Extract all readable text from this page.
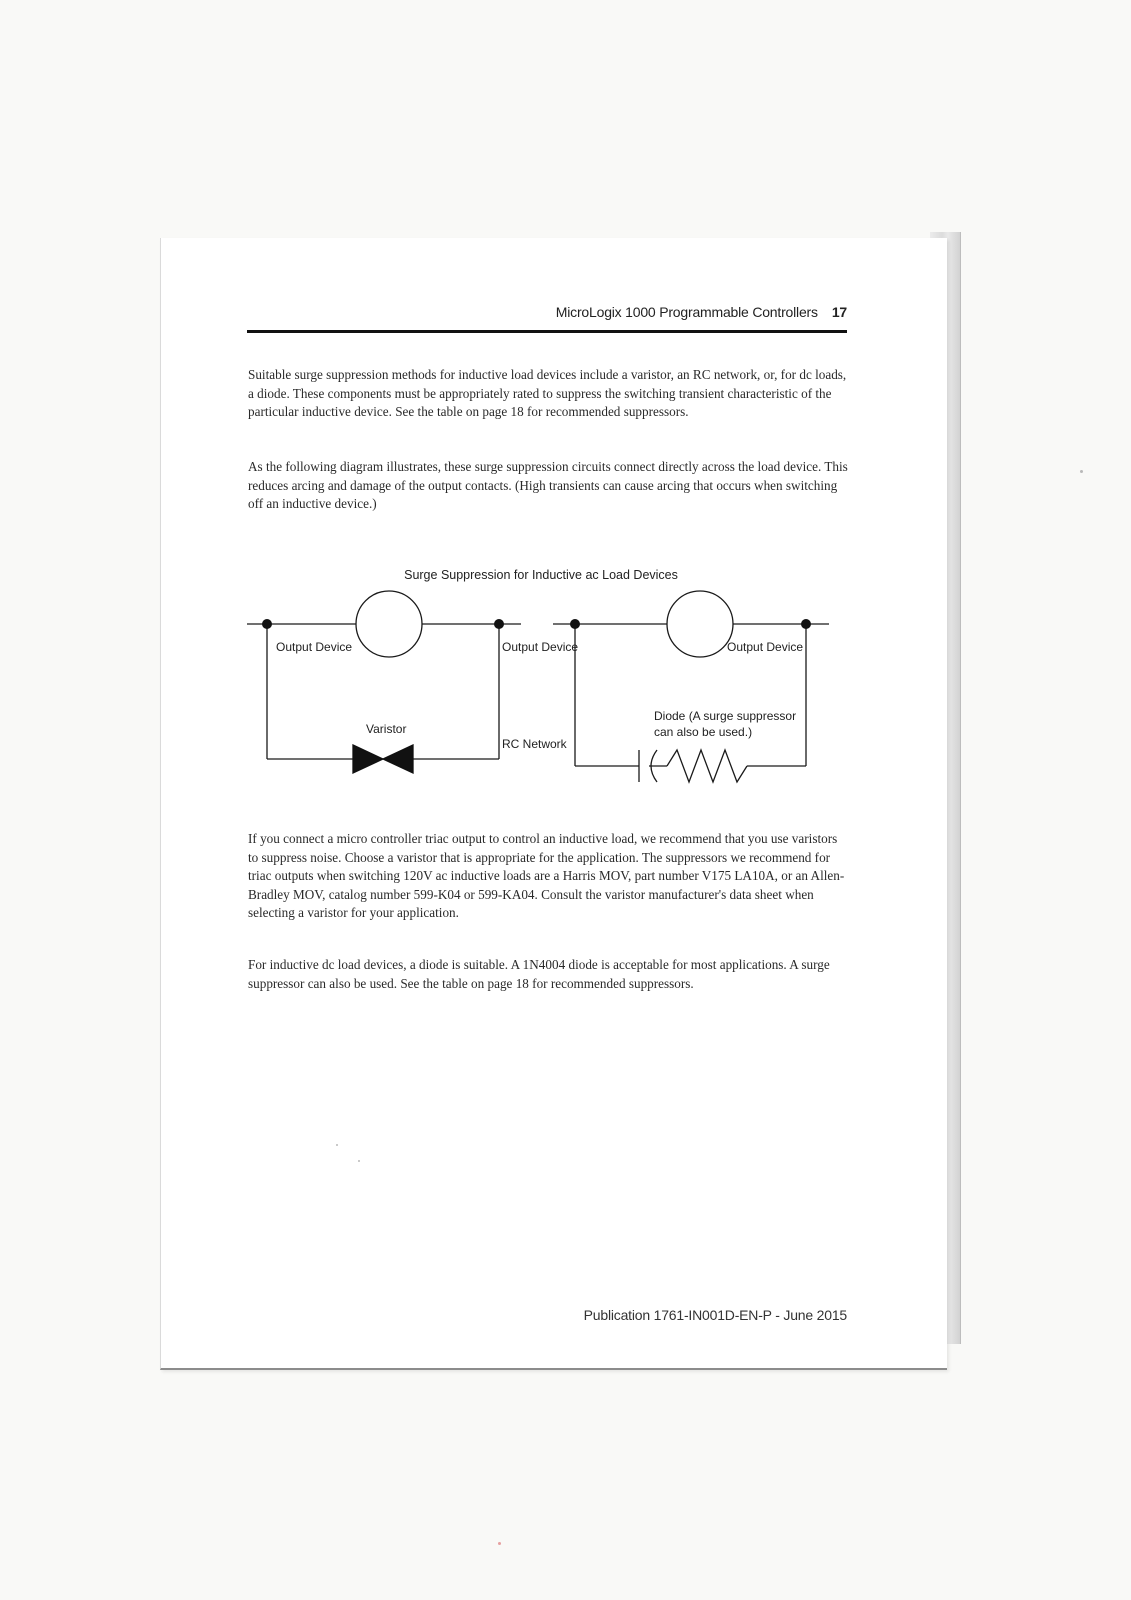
MicroLogix 1000 Programmable Controllers 17

Suitable surge suppression methods for inductive load devices include a varistor, an RC network, or, for dc loads, a diode. These components must be appropriately rated to suppress the switching transient characteristic of the particular inductive device. See the table on page 18 for recommended suppressors.

As the following diagram illustrates, these surge suppression circuits connect directly across the load device. This reduces arcing and damage of the output contacts. (High transients can cause arcing that occurs when switching off an inductive device.)

Surge Suppression for Inductive ac Load Devices
Output Device
Varistor
Output Device
RC Network
Output Device
Diode (A surge suppressor
can also be used.)

If you connect a micro controller triac output to control an inductive load, we recommend that you use varistors to suppress noise. Choose a varistor that is appropriate for the application. The suppressors we recommend for triac outputs when switching 120V ac inductive loads are a Harris MOV, part number V175 LA10A, or an Allen-Bradley MOV, catalog number 599-K04 or 599-KA04. Consult the varistor manufacturer's data sheet when selecting a varistor for your application.

For inductive dc load devices, a diode is suitable. A 1N4004 diode is acceptable for most applications. A surge suppressor can also be used. See the table on page 18 for recommended suppressors.

Publication 1761-IN001D-EN-P - June 2015
